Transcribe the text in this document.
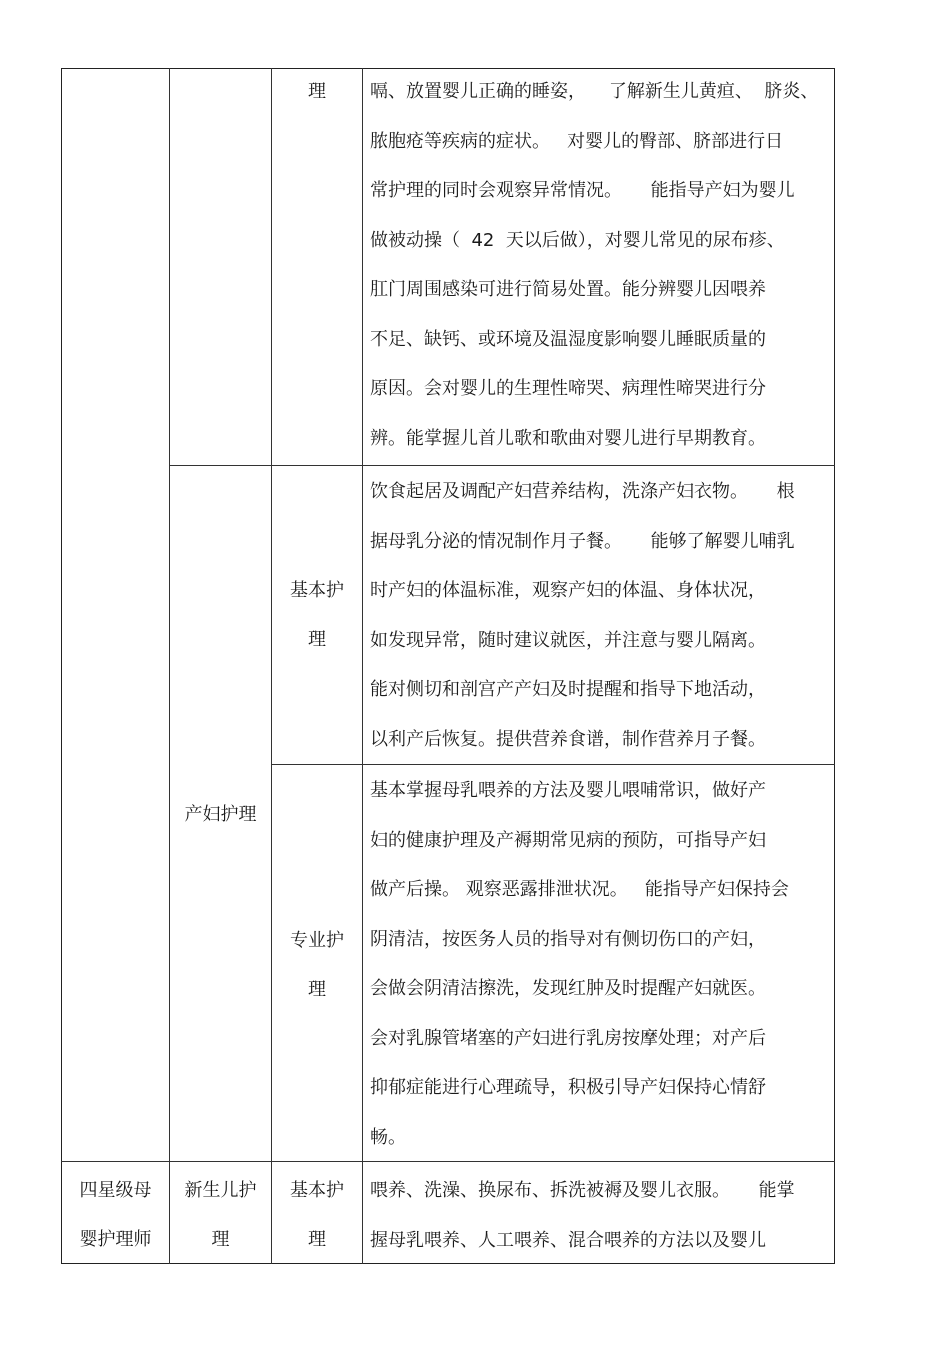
理	嗝、放置婴儿正确的睡姿，    了解新生儿黄疸、  脐炎、
脓胞疮等疾病的症状。   对婴儿的臀部、脐部进行日
常护理的同时会观察异常情况。     能指导产妇为婴儿
做被动操（  42  天以后做），对婴儿常见的尿布疹、
肛门周围感染可进行简易处置。能分辨婴儿因喂养
不足、缺钙、或环境及温湿度影响婴儿睡眠质量的
原因。会对婴儿的生理性啼哭、病理性啼哭进行分
辨。能掌握儿首儿歌和歌曲对婴儿进行早期教育。
产妇护理
基本护
理
饮食起居及调配产妇营养结构，洗涤产妇衣物。     根
据母乳分泌的情况制作月子餐。     能够了解婴儿哺乳
时产妇的体温标准，观察产妇的体温、身体状况，
如发现异常，随时建议就医，并注意与婴儿隔离。
能对侧切和剖宫产产妇及时提醒和指导下地活动，
以利产后恢复。提供营养食谱，制作营养月子餐。
专业护
理
基本掌握母乳喂养的方法及婴儿喂哺常识，做好产
妇的健康护理及产褥期常见病的预防，可指导产妇
做产后操。 观察恶露排泄状况。   能指导产妇保持会
阴清洁，按医务人员的指导对有侧切伤口的产妇，
会做会阴清洁擦洗，发现红肿及时提醒产妇就医。
会对乳腺管堵塞的产妇进行乳房按摩处理；对产后
抑郁症能进行心理疏导，积极引导产妇保持心情舒
畅。
四星级母
婴护理师
新生儿护
理
基本护
理
喂养、洗澡、换尿布、拆洗被褥及婴儿衣服。     能掌
握母乳喂养、人工喂养、混合喂养的方法以及婴儿
